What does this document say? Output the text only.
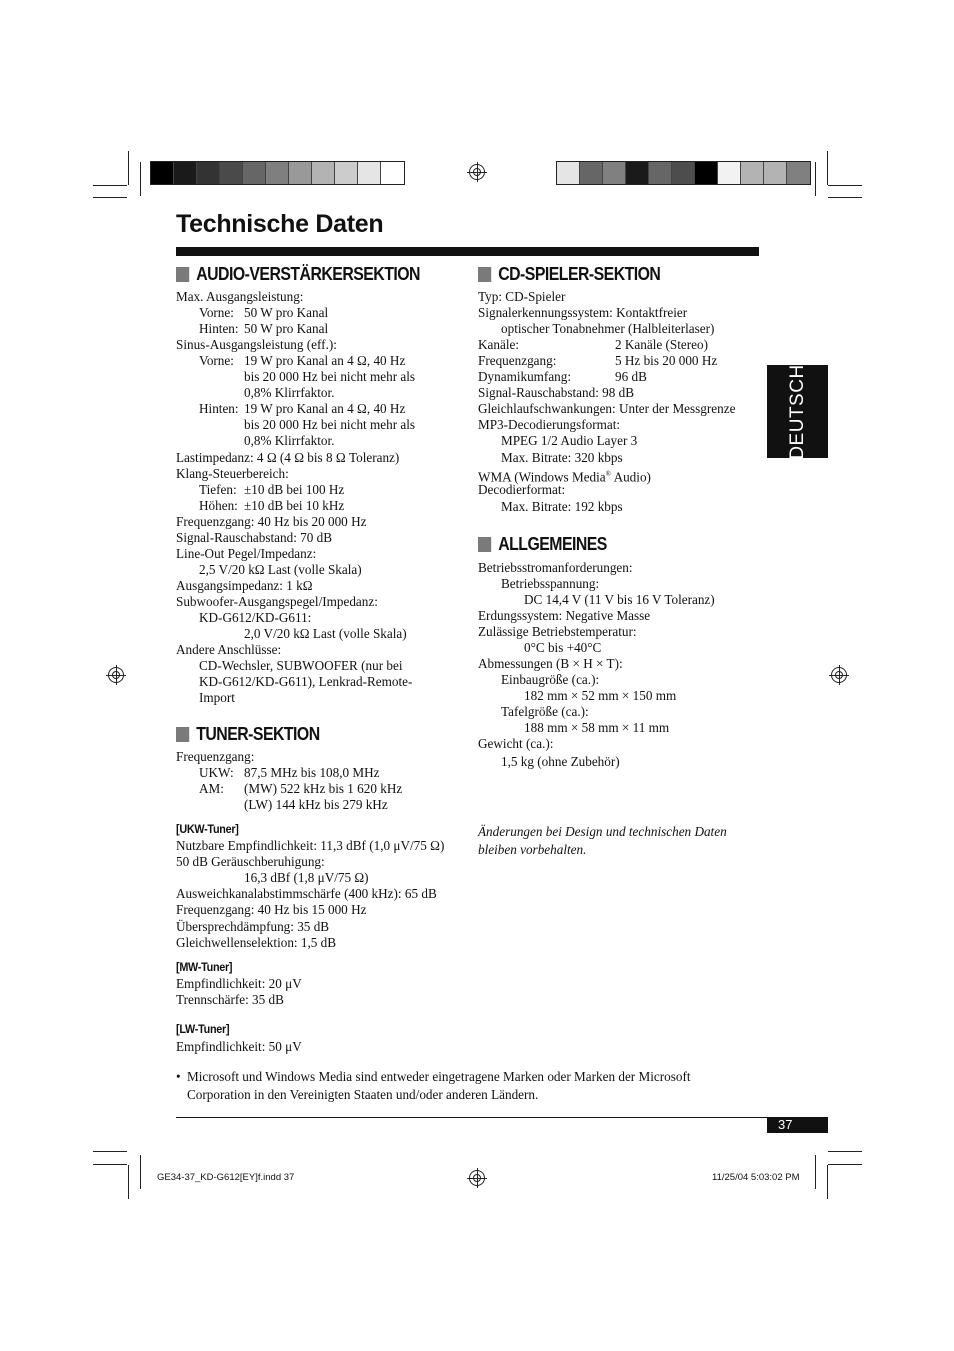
Technische Daten
DEUTSCH
AUDIO-VERSTÄRKERSEKTION
Max. Ausgangsleistung:
Vorne: 50 W pro Kanal
Hinten: 50 W pro Kanal
Sinus-Ausgangsleistung (eff.):
Vorne: 19 W pro Kanal an 4 Ω, 40 Hz
bis 20 000 Hz bei nicht mehr als
0,8% Klirrfaktor.
Hinten: 19 W pro Kanal an 4 Ω, 40 Hz
bis 20 000 Hz bei nicht mehr als
0,8% Klirrfaktor.
Lastimpedanz: 4 Ω (4 Ω bis 8 Ω Toleranz)
Klang-Steuerbereich:
Tiefen: ±10 dB bei 100 Hz
Höhen: ±10 dB bei 10 kHz
Frequenzgang: 40 Hz bis 20 000 Hz
Signal-Rauschabstand: 70 dB
Line-Out Pegel/Impedanz:
2,5 V/20 kΩ Last (volle Skala)
Ausgangsimpedanz: 1 kΩ
Subwoofer-Ausgangspegel/Impedanz:
KD-G612/KD-G611:
2,0 V/20 kΩ Last (volle Skala)
Andere Anschlüsse:
CD-Wechsler, SUBWOOFER (nur bei
KD-G612/KD-G611), Lenkrad-Remote-
Import
TUNER-SEKTION
Frequenzgang:
UKW: 87,5 MHz bis 108,0 MHz
AM: (MW) 522 kHz bis 1 620 kHz
(LW) 144 kHz bis 279 kHz
[UKW-Tuner]
Nutzbare Empfindlichkeit: 11,3 dBf (1,0 μV/75 Ω)
50 dB Geräuschberuhigung:
16,3 dBf (1,8 μV/75 Ω)
Ausweichkanalabstimmschärfe (400 kHz): 65 dB
Frequenzgang: 40 Hz bis 15 000 Hz
Übersprechdämpfung: 35 dB
Gleichwellenselektion: 1,5 dB
[MW-Tuner]
Empfindlichkeit: 20 μV
Trennschärfe: 35 dB
[LW-Tuner]
Empfindlichkeit: 50 μV
CD-SPIELER-SEKTION
Typ: CD-Spieler
Signalerkennungssystem: Kontaktfreier
optischer Tonabnehmer (Halbleiterlaser)
Kanäle:	2 Kanäle (Stereo)
Frequenzgang:	5 Hz bis 20 000 Hz
Dynamikumfang:	96 dB
Signal-Rauschabstand: 98 dB
Gleichlaufschwankungen: Unter der Messgrenze
MP3-Decodierungsformat:
MPEG 1/2 Audio Layer 3
Max. Bitrate: 320 kbps
WMA (Windows Media® Audio)
Decodierformat:
Max. Bitrate: 192 kbps
ALLGEMEINES
Betriebsstromanforderungen:
Betriebsspannung:
DC 14,4 V (11 V bis 16 V Toleranz)
Erdungssystem: Negative Masse
Zulässige Betriebstemperatur:
0°C bis +40°C
Abmessungen (B × H × T):
Einbaugröße (ca.):
182 mm × 52 mm × 150 mm
Tafelgröße (ca.):
188 mm × 58 mm × 11 mm
Gewicht (ca.):
1,5 kg (ohne Zubehör)
Änderungen bei Design und technischen Daten
bleiben vorbehalten.
• Microsoft und Windows Media sind entweder eingetragene Marken oder Marken der Microsoft
Corporation in den Vereinigten Staaten und/oder anderen Ländern.
37
GE34-37_KD-G612[EY]f.indd 37	11/25/04 5:03:02 PM
